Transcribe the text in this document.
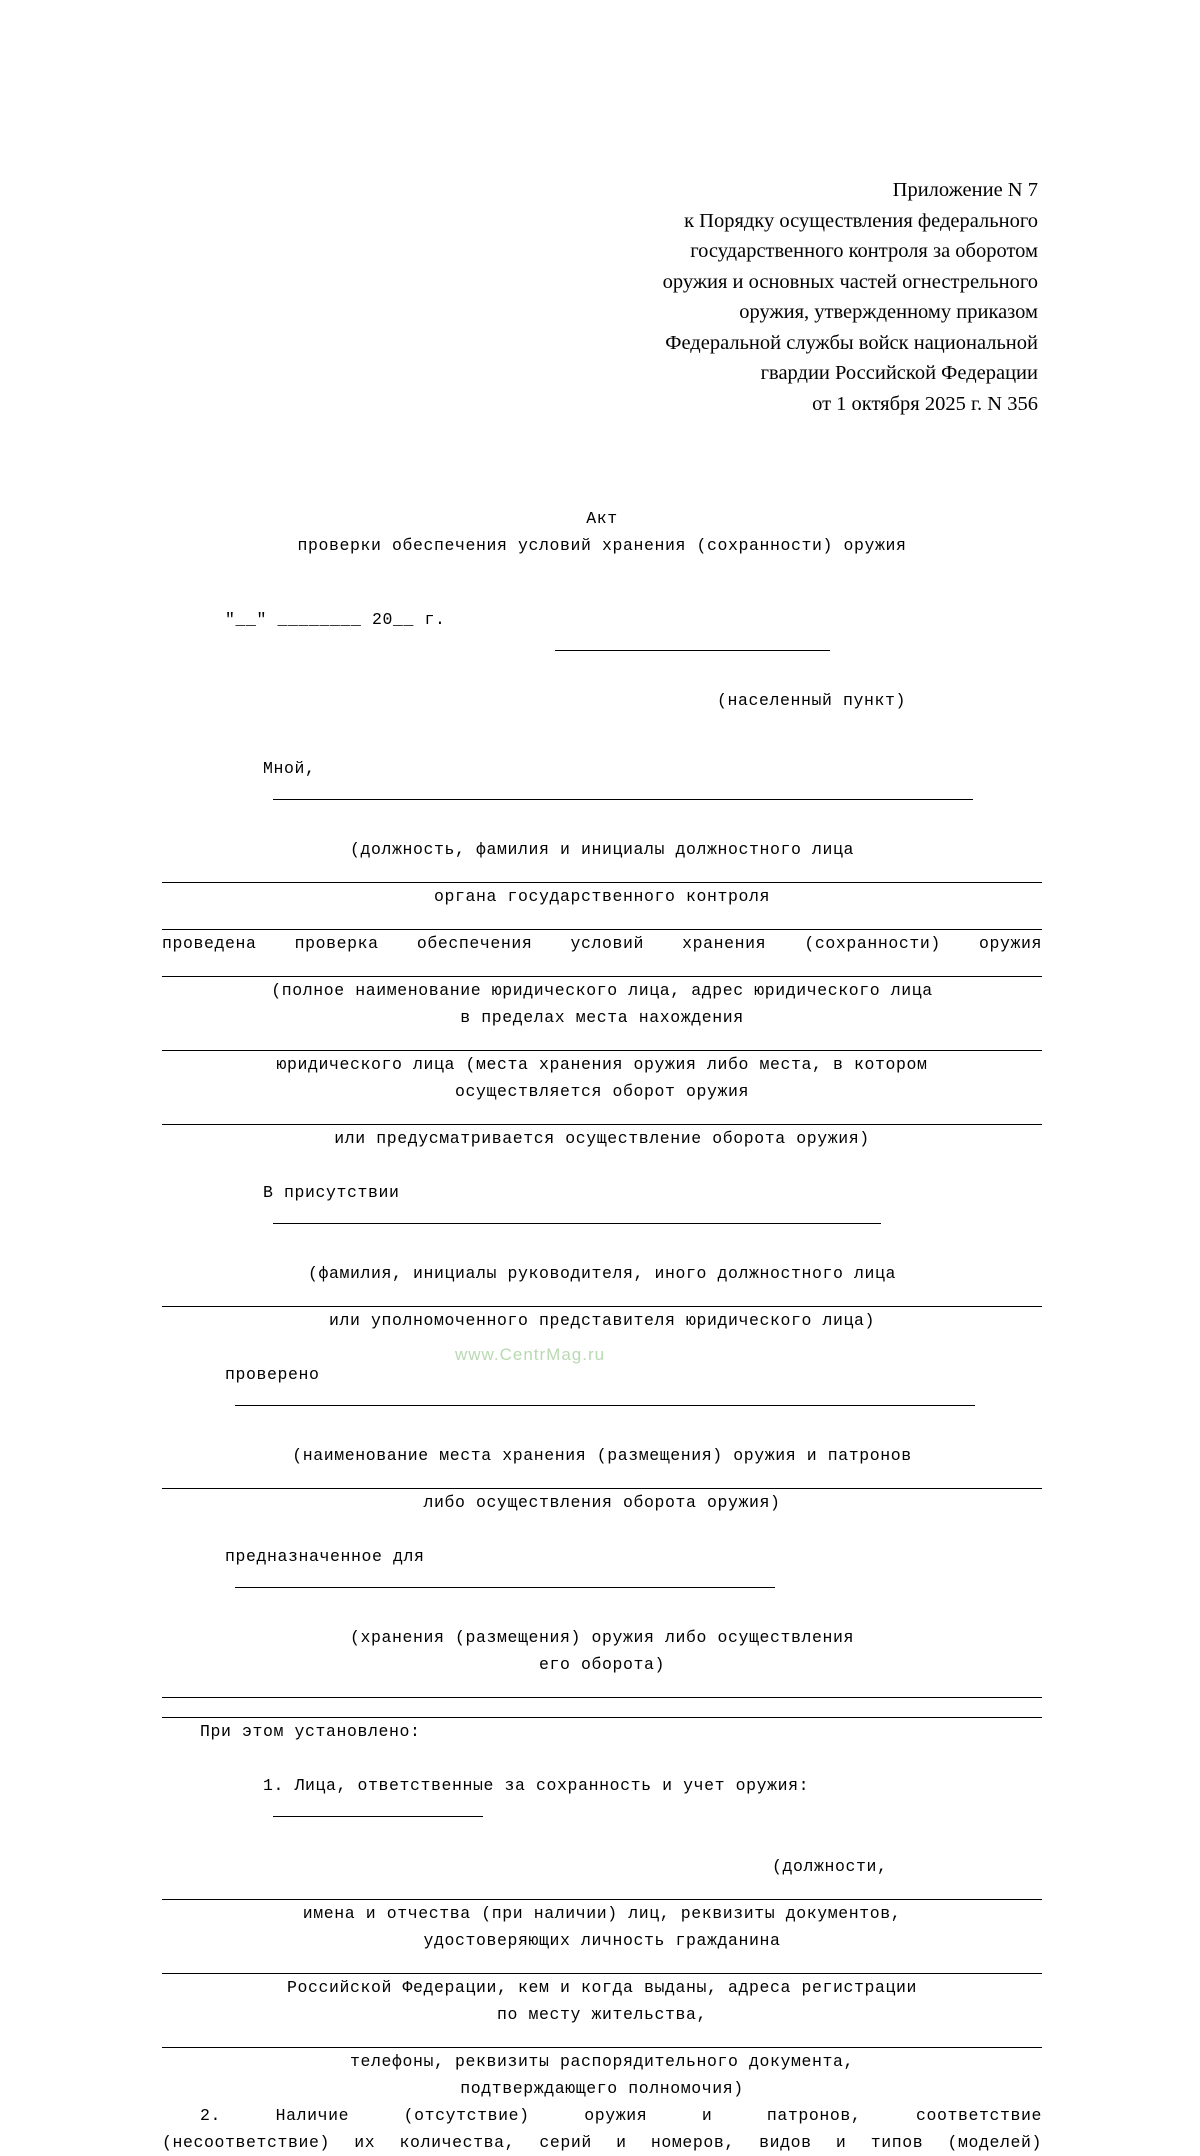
Приложение N 7
к Порядку осуществления федерального
государственного контроля за оборотом
оружия и основных частей огнестрельного
оружия, утвержденному приказом
Федеральной службы войск национальной
гвардии Российской Федерации
от 1 октября 2025 г. N 356
Акт
проверки обеспечения условий хранения (сохранности) оружия

"__" ________ 20__ г.

(населенный пункт)

Мной,

(должность, фамилия и инициалы должностного лица
органа государственного контроля
проведена проверка обеспечения условий хранения (сохранности) оружия
(полное наименование юридического лица, адрес юридического лица
в пределах места нахождения
юридического лица (места хранения оружия либо места, в котором
осуществляется оборот оружия
или предусматривается осуществление оборота оружия)

В присутствии

(фамилия, инициалы руководителя, иного должностного лица
или уполномоченного представителя юридического лица)

проверено

(наименование места хранения (размещения) оружия и патронов
либо осуществления оборота оружия)

предназначенное для

(хранения (размещения) оружия либо осуществления
его оборота)
При этом установлено:

1. Лица, ответственные за сохранность и учет оружия:

(должности,
имена и отчества (при наличии) лиц, реквизиты документов,
удостоверяющих личность гражданина
Российской Федерации, кем и когда выданы, адреса регистрации
по месту жительства,
телефоны, реквизиты распорядительного документа,
подтверждающего полномочия)
2. Наличие (отсутствие) оружия и патронов, соответствие
(несоответствие) их количества, серий и номеров, видов и типов (моделей)
www.CentrMag.ru
